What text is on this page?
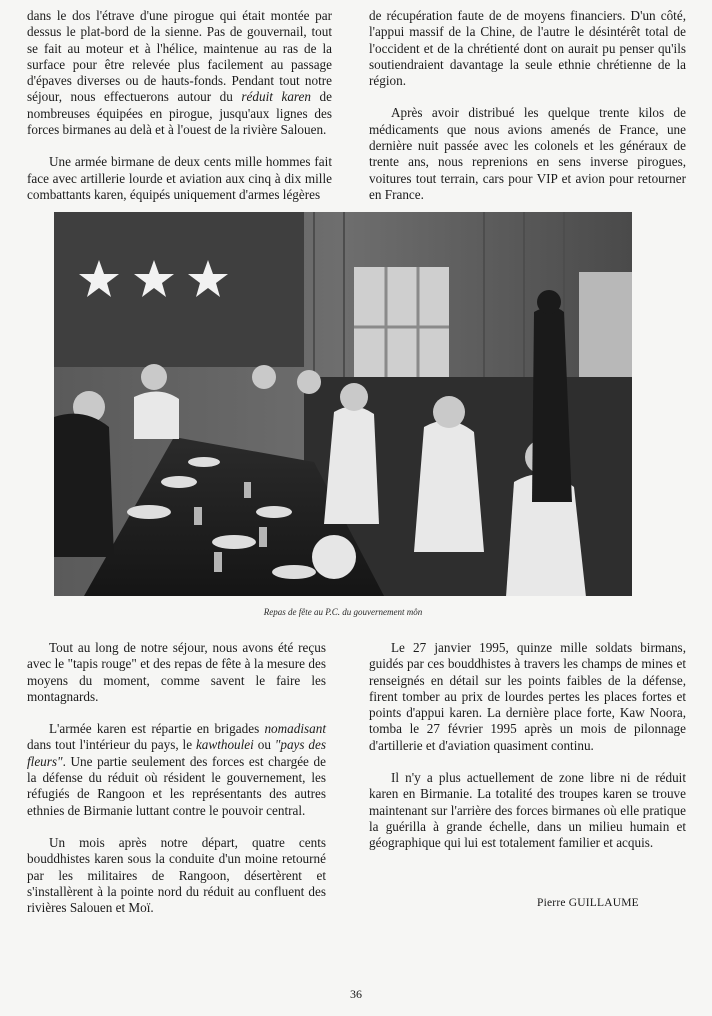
dans le dos l'étrave d'une pirogue qui était montée par dessus le plat-bord de la sienne. Pas de gouvernail, tout se fait au moteur et à l'hélice, maintenue au ras de la surface pour être relevée plus facilement au passage d'épaves diverses ou de hauts-fonds. Pendant tout notre séjour, nous effectuerons autour du réduit karen de nombreuses équipées en pirogue, jusqu'aux lignes des forces birmanes au delà et à l'ouest de la rivière Salouen.

Une armée birmane de deux cents mille hommes fait face avec artillerie lourde et aviation aux cinq à dix mille combattants karen, équipés uniquement d'armes légères

de récupération faute de de moyens financiers. D'un côté, l'appui massif de la Chine, de l'autre le désintérêt total de l'occident et de la chrétienté dont on aurait pu penser qu'ils soutiendraient davantage la seule ethnie chrétienne de la région.

Après avoir distribué les quelque trente kilos de médicaments que nous avions amenés de France, une dernière nuit passée avec les colonels et les généraux de trente ans, nous reprenions en sens inverse pirogues, voitures tout terrain, cars pour VIP et avion pour retourner en France.

Repas de fête au P.C. du gouvernement môn

Tout au long de notre séjour, nous avons été reçus avec le "tapis rouge" et des repas de fête à la mesure des moyens du moment, comme savent le faire les montagnards.

L'armée karen est répartie en brigades nomadisant dans tout l'intérieur du pays, le kawthoulei ou "pays des fleurs". Une partie seulement des forces est chargée de la défense du réduit où résident le gouvernement, les réfugiés de Rangoon et les représentants des autres ethnies de Birmanie luttant contre le pouvoir central.

Un mois après notre départ, quatre cents bouddhistes karen sous la conduite d'un moine retourné par les militaires de Rangoon, désertèrent et s'installèrent à la pointe nord du réduit au confluent des rivières Salouen et Moï.

Le 27 janvier 1995, quinze mille soldats birmans, guidés par ces bouddhistes à travers les champs de mines et renseignés en détail sur les points faibles de la défense, firent tomber au prix de lourdes pertes les places fortes et points d'appui karen. La dernière place forte, Kaw Noora, tomba le 27 février 1995 après un mois de pilonnage d'artillerie et d'aviation quasiment continu.

Il n'y a plus actuellement de zone libre ni de réduit karen en Birmanie. La totalité des troupes karen se trouve maintenant sur l'arrière des forces birmanes où elle pratique la guérilla à grande échelle, dans un milieu humain et géographique qui lui est totalement familier et acquis.

Pierre GUILLAUME
36
